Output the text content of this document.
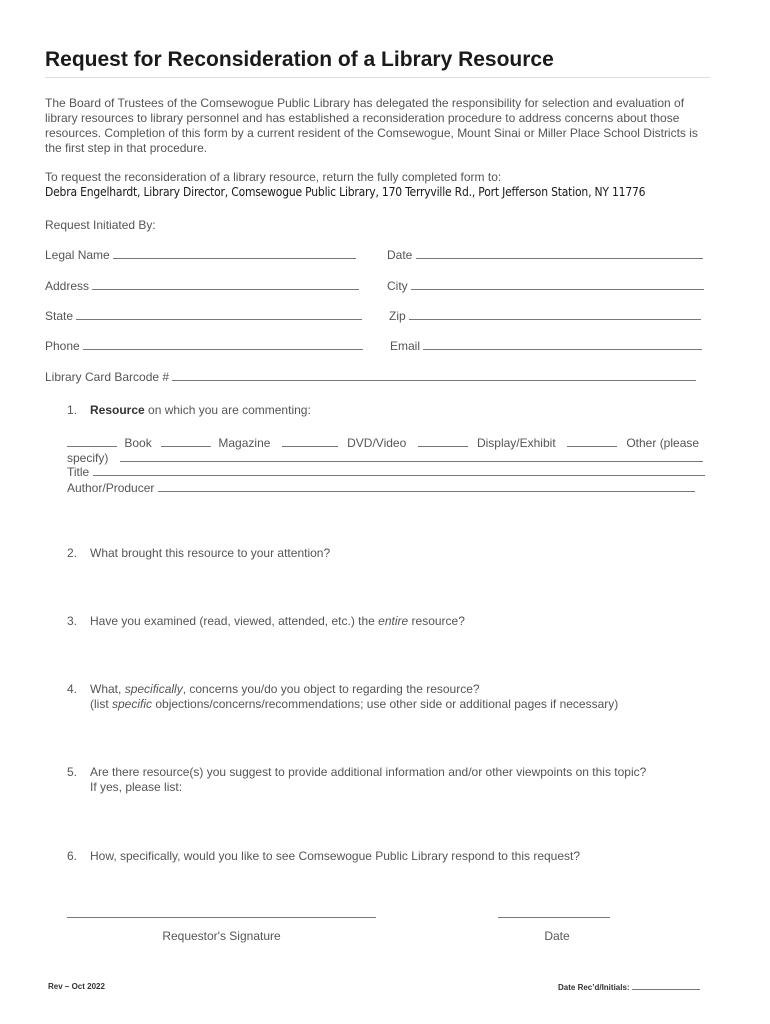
Request for Reconsideration of a Library Resource
The Board of Trustees of the Comsewogue Public Library has delegated the responsibility for selection and evaluation of library resources to library personnel and has established a reconsideration procedure to address concerns about those resources. Completion of this form by a current resident of the Comsewogue, Mount Sinai or Miller Place School Districts is the first step in that procedure.
To request the reconsideration of a library resource, return the fully completed form to:
Debra Engelhardt, Library Director, Comsewogue Public Library, 170 Terryville Rd., Port Jefferson Station, NY 11776
Request Initiated By:
Legal Name	Date
Address	City
State	Zip
Phone	Email
Library Card Barcode #
1. Resource on which you are commenting:
Book	Magazine	DVD/Video	Display/Exhibit	Other (please
specify)
Title
Author/Producer
2. What brought this resource to your attention?
3. Have you examined (read, viewed, attended, etc.) the entire resource?
4. What, specifically, concerns you/do you object to regarding the resource?
(list specific objections/concerns/recommendations; use other side or additional pages if necessary)
5. Are there resource(s) you suggest to provide additional information and/or other viewpoints on this topic?
If yes, please list:
6. How, specifically, would you like to see Comsewogue Public Library respond to this request?
Requestor's Signature	Date
Rev – Oct 2022	Date Rec’d/Initials:
